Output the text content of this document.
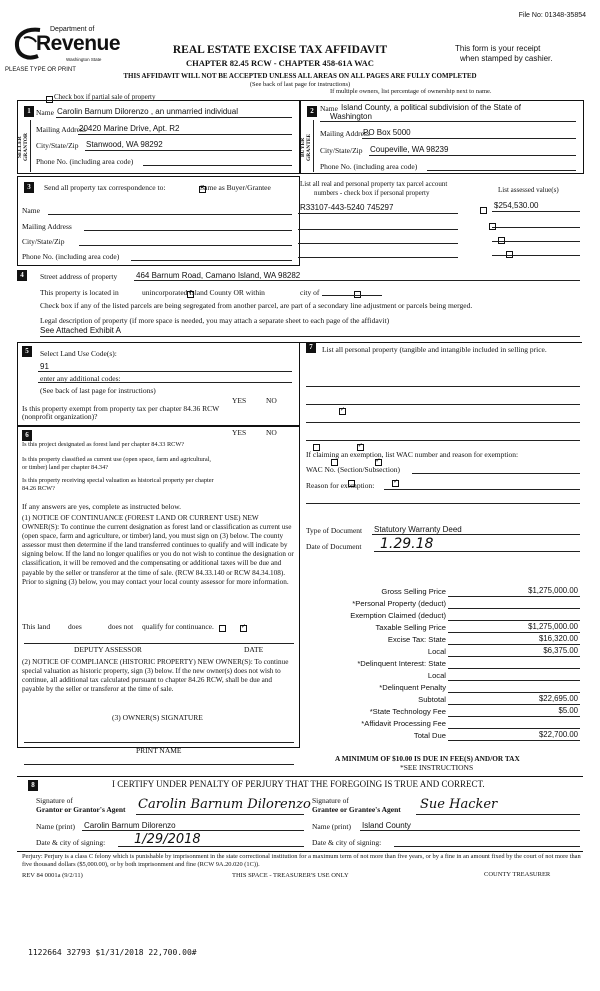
File No: 01348-35854
Department of
Revenue
Washington State
PLEASE TYPE OR PRINT
REAL ESTATE EXCISE TAX AFFIDAVIT
CHAPTER 82.45 RCW - CHAPTER 458-61A WAC
This form is your receipt
when stamped by cashier.
THIS AFFIDAVIT WILL NOT BE ACCEPTED UNLESS ALL AREAS ON ALL PAGES ARE FULLY COMPLETED
(See back of last page for instructions)
Check box if partial sale of property

If multiple owners, list percentage of ownership next to name.
1	2
SELLER GRANTOR	BUYER GRANTEE
Name Carolin Barnum Dilorenzo , an unmarried individual
Mailing Address
20420 Marine Drive, Apt. R2
City/State/Zip Stanwood, WA 98292
Phone No. (including area code)
Name Island County, a political subdivision of the State of
Washington
Mailing Address
PO Box 5000
City/State/Zip Coupeville, WA 98239
Phone No. (including area code)
3	Send all property tax correspondence to: ✓	Same as Buyer/Grantee
Name
Mailing Address
City/State/Zip
Phone No. (including area code)
List all real and personal property tax parcel account
numbers - check box if personal property	List assessed value(s)
R33107-443-5240 745297	$254,530.00

4	Street address of property 464 Barnum Road, Camano Island, WA 98282
This property is located in ✓	unincorporated Island County OR within
	city of
Check box if any of the listed parcels are being segregated from another parcel, are part of a secondary line adjustment or parcels being merged.
Legal description of property (if more space is needed, you may attach a separate sheet to each page of the affidavit)
See Attached Exhibit A
5	Select Land Use Code(s):
91
enter any additional codes:
(See back of last page for instructions)
YES	NO
Is this property exempt from property tax per chapter 84.36 RCW (nonprofit organization)?
✓
6	YES	NO
Is this project designated as forest land per chapter 84.33 RCW?
✓
Is this property classified as current use (open space, farm and agricultural, or timber) land per chapter 84.34?
✓
Is this property receiving special valuation as historical property per chapter 84.26 RCW?
✓
If any answers are yes, complete as instructed below.
(1) NOTICE OF CONTINUANCE (FOREST LAND OR CURRENT USE) NEW OWNER(S): To continue the current designation as forest land or classification as current use (open space, farm and agriculture, or timber) land, you must sign on (3) below. The county assessor must then determine if the land transferred continues to qualify and will indicate by signing below. If the land no longer qualifies or you do not wish to continue the designation or classification, it will be removed and the compensating or additional taxes will be due and payable by the seller or transferor at the time of sale. (RCW 84.33.140 or RCW 84.34.108). Prior to signing (3) below, you may contact your local county assessor for more information.
This land does ✓	does not qualify for continuance.
DEPUTY ASSESSOR	DATE
(2) NOTICE OF COMPLIANCE (HISTORIC PROPERTY) NEW OWNER(S): To continue special valuation as historic property, sign (3) below. If the new owner(s) does not wish to continue, all additional tax calculated pursuant to chapter 84.26 RCW, shall be due and payable by the seller or transferor at the time of sale.
(3) OWNER(S) SIGNATURE
PRINT NAME
7	List all personal property (tangible and intangible included in selling price.
If claiming an exemption, list WAC number and reason for exemption:
WAC No. (Section/Subsection)
Reason for exemption:
Type of Document Statutory Warranty Deed
Date of Document 1.29.18
Gross Selling Price	$1,275,000.00
*Personal Property (deduct)
Exemption Claimed (deduct)
Taxable Selling Price	$1,275,000.00
Excise Tax: State	$16,320.00
Local	$6,375.00
*Delinquent Interest: State
Local
*Delinquent Penalty
Subtotal	$22,695.00
*State Technology Fee	$5.00
*Affidavit Processing Fee
Total Due	$22,700.00
A MINIMUM OF $10.00 IS DUE IN FEE(S) AND/OR TAX
*SEE INSTRUCTIONS
8	I CERTIFY UNDER PENALTY OF PERJURY THAT THE FOREGOING IS TRUE AND CORRECT.
Signature of
Grantor or Grantor's Agent Carolin Barnum Dilorenzo
Name (print) Carolin Barnum Dilorenzo
Date & city of signing: 1/29/2018
Signature of
Grantee or Grantee's Agent Sue Hacker
Name (print) Island County
Date & city of signing:
Perjury: Perjury is a class C felony which is punishable by imprisonment in the state correctional institution for a maximum term of not more than five years, or by a fine in an amount fixed by the court of not more than five thousand dollars ($5,000.00), or by both imprisonment and fine (RCW 9A.20.020 (1C)).
REV 84 0001a (9/2/11)	THIS SPACE - TREASURER'S USE ONLY	COUNTY TREASURER
1122664 32793 $1/31/2018 22,700.00#
